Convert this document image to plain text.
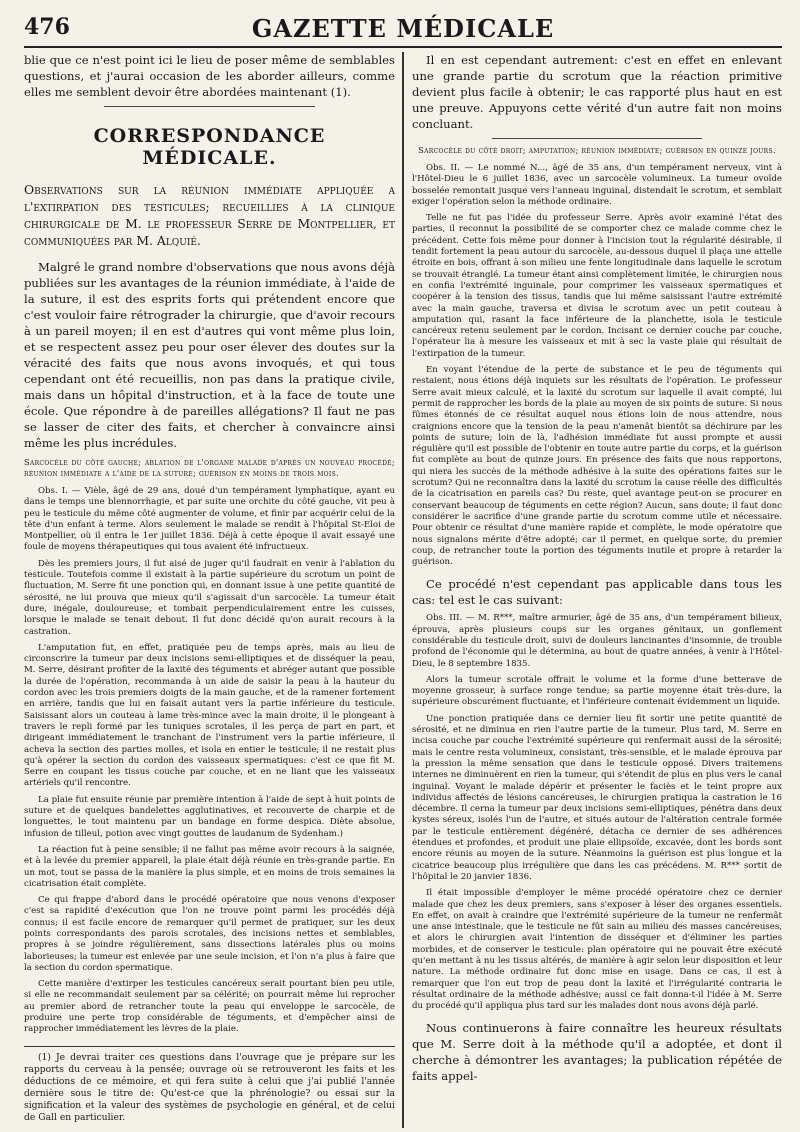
476	GAZETTE MÉDICALE

blie que ce n'est point ici le lieu de poser même de semblables questions, et j'aurai occasion de les aborder ailleurs, comme elles me semblent devoir être abordées maintenant (1).

CORRESPONDANCE MÉDICALE.
Observations sur la réunion immédiate appliquée a l'extirpation des testicules; recueillies à la clinique chirurgicale de M. le professeur Serre de Montpellier, et communiquées par M. Alquié.

Malgré le grand nombre d'observations que nous avons déjà publiées sur les avantages de la réunion immédiate, à l'aide de la suture, il est des esprits forts qui prétendent encore que c'est vouloir faire rétrograder la chirurgie, que d'avoir recours à un pareil moyen; il en est d'autres qui vont même plus loin, et se respectent assez peu pour oser élever des doutes sur la véracité des faits que nous avons invoqués, et qui tous cependant ont été recueillis, non pas dans la pratique civile, mais dans un hôpital d'instruction, et à la face de toute une école. Que répondre à de pareilles allégations? Il faut ne pas se lasser de citer des faits, et chercher à convaincre ainsi même les plus incrédules.

Sarcocèle du côté gauche; ablation de l'organe malade d'après un nouveau procédé; réunion immédiate a l'aide de la suture; guérison en moins de trois mois.

Obs. I. — Vièle, âgé de 29 ans, doué d'un tempérament lymphatique, ayant eu dans le temps une blennorrhagie, et par suite une orchite du côté gauche, vit peu à peu le testicule du même côté augmenter de volume, et finir par acquérir celui de la tête d'un enfant à terme. Alors seulement le malade se rendit à l'hôpital St-Eloi de Montpellier, où il entra le 1er juillet 1836. Déjà à cette époque il avait essayé une foule de moyens thérapeutiques qui tous avaient été infructueux.

Dès les premiers jours, il fut aisé de juger qu'il faudrait en venir à l'ablation du testicule. Toutefois comme il existait à la partie supérieure du scrotum un point de fluctuation, M. Serre fit une ponction qui, en donnant issue à une petite quantité de sérosité, ne lui prouva que mieux qu'il s'agissait d'un sarcocèle. La tumeur était dure, inégale, douloureuse, et tombait perpendiculairement entre les cuisses, lorsque le malade se tenait debout. Il fut donc décidé qu'on aurait recours à la castration.

L'amputation fut, en effet, pratiquée peu de temps après, mais au lieu de circonscrire la tumeur par deux incisions semi-elliptiques et de disséquer la peau, M. Serre, désirant profiter de la laxité des téguments et abréger autant que possible la durée de l'opération, recommanda à un aide de saisir la peau à la hauteur du cordon avec les trois premiers doigts de la main gauche, et de la ramener fortement en arrière, tandis que lui en faisait autant vers la partie inférieure du testicule. Saisissant alors un couteau à lame très-mince avec la main droite, il le plongeant à travers le repli formé par les tuniques scrotales, il les perça de part en part, et dirigeant immédiatement le tranchant de l'instrument vers la partie inférieure, il acheva la section des parties molles, et isola en entier le testicule; il ne restait plus qu'à opérer la section du cordon des vaisseaux spermatiques: c'est ce que fit M. Serre en coupant les tissus couche par couche, et en ne liant que les vaisseaux artériels qu'il rencontre.

La plaie fut ensuite réunie par première intention à l'aide de sept à huit points de suture et de quelques bandelettes agglutinatives, et recouverte de charpie et de longuettes, le tout maintenu par un bandage en forme despica. Diète absolue, infusion de tilleul, potion avec vingt gouttes de laudanum de Sydenham.)

La réaction fut à peine sensible; il ne fallut pas même avoir recours à la saignée, et à la levée du premier appareil, la plaie était déjà réunie en très-grande partie. En un mot, tout se passa de la manière la plus simple, et en moins de trois semaines la cicatrisation était complète.

Ce qui frappe d'abord dans le procédé opératoire que nous venons d'exposer c'est sa rapidité d'exécution que l'on ne trouve point parmi les procédés déjà connus; il est facile encore de remarquer qu'il permet de pratiquer, sur les deux points correspondants des parois scrotales, des incisions nettes et semblables, propres à se joindre régulièrement, sans dissections latérales plus ou moins laborieuses; la tumeur est enlevée par une seule incision, et l'on n'a plus à faire que la section du cordon spermatique.

Cette manière d'extirper les testicules cancéreux serait pourtant bien peu utile, si elle ne recommandait seulement par sa célérité; on pourrait même lui reprocher au premier abord de retrancher toute la peau qui enveloppe le sarcocèle, de produire une perte trop considérable de téguments, et d'empêcher ainsi de rapprocher immédiatement les lèvres de la plaie.

(1) Je devrai traiter ces questions dans l'ouvrage que je prépare sur les rapports du cerveau à la pensée; ouvrage où se retrouveront les faits et les déductions de ce mémoire, et qui fera suite à celui que j'ai publié l'année dernière sous le titre de: Qu'est-ce que la phrénologie? ou essai sur la signification et la valeur des systèmes de psychologie en général, et de celui de Gall en particulier.

Il en est cependant autrement: c'est en effet en enlevant une grande partie du scrotum que la réaction primitive devient plus facile à obtenir; le cas rapporté plus haut en est une preuve. Appuyons cette vérité d'un autre fait non moins concluant.

Sarcocèle du côté droit; amputation; réunion immédiate; guérison en quinze jours.

Obs. II. — Le nommé N..., âgé de 35 ans, d'un tempérament nerveux, vint à l'Hôtel-Dieu le 6 juillet 1836, avec un sarcocèle volumineux. La tumeur ovoïde bosselée remontait jusque vers l'anneau inguinal, distendait le scrotum, et semblait exiger l'opération selon la méthode ordinaire.

Telle ne fut pas l'idée du professeur Serre. Après avoir examiné l'état des parties, il reconnut la possibilité de se comporter chez ce malade comme chez le précédent. Cette fois même pour donner à l'incision tout la régularité désirable, il tendit fortement la peau autour du sarcocèle, au-dessous duquel il plaça une attelle étroite en bois, offrant à son milieu une fente longitudinale dans laquelle le scrotum se trouvait étranglé. La tumeur étant ainsi complètement limitée, le chirurgien nous en confia l'extrémité inguinale, pour comprimer les vaisseaux spermatiques et coopérer à la tension des tissus, tandis que lui même saisissant l'autre extrémité avec la main gauche, traversa et divisa le scrotum avec un petit couteau à amputation qui, rasant la face inférieure de la planchette, isola le testicule cancéreux retenu seulement par le cordon. Incisant ce dernier couche par couche, l'opérateur lia à mesure les vaisseaux et mit à sec la vaste plaie qui résultait de l'extirpation de la tumeur.

En voyant l'étendue de la perte de substance et le peu de téguments qui restaient, nous étions déjà inquiets sur les résultats de l'opération. Le professeur Serre avait mieux calculé, et la laxité du scrotum sur laquelle il avait compté, lui permit de rapprocher les bords de la plaie au moyen de six points de suture. Si nous fûmes étonnés de ce résultat auquel nous étions loin de nous attendre, nous craignions encore que la tension de la peau n'amenât bientôt sa déchirure par les points de suture; loin de là, l'adhésion immédiate fut aussi prompte et aussi régulière qu'il est possible de l'obtenir en toute autre partie du corps, et la guérison fut complète au bout de quinze jours. En présence des faits que nous rapportons, qui niera les succès de la méthode adhésive à la suite des opérations faites sur le scrotum? Qui ne reconnaîtra dans la laxité du scrotum la cause réelle des difficultés de la cicatrisation en pareils cas? Du reste, quel avantage peut-on se procurer en conservant beaucoup de téguments en cette région? Aucun, sans doute; il faut donc considérer le sacrifice d'une grande partie du scrotum comme utile et nécessaire. Pour obtenir ce résultat d'une manière rapide et complète, le mode opératoire que nous signalons mérite d'être adopté; car il permet, en quelque sorte, du premier coup, de retrancher toute la portion des téguments inutile et propre à retarder la guérison.

Ce procédé n'est cependant pas applicable dans tous les cas: tel est le cas suivant:

Obs. III. — M. R***, maître armurier, âgé de 35 ans, d'un tempérament bilieux, éprouva, après plusieurs coups sur les organes génitaux, un gonflement considérable du testicule droit, suivi de douleurs lancinantes d'insomnie, de trouble profond de l'économie qui le détermina, au bout de quatre années, à venir à l'Hôtel-Dieu, le 8 septembre 1835.

Alors la tumeur scrotale offrait le volume et la forme d'une betterave de moyenne grosseur, à surface ronge tendue; sa partie moyenne était très-dure, la supérieure obscurément fluctuante, et l'inférieure contenait évidemment un liquide.

Une ponction pratiquée dans ce dernier lieu fit sortir une petite quantité de sérosité, et ne diminua en rien l'autre partie de la tumeur. Plus tard, M. Serre en incisa couche par couche l'extrémité supérieure qui renfermait aussi de la sérosité; mais le centre resta volumineux, consistant, très-sensible, et le malade éprouva par la pression la même sensation que dans le testicule opposé. Divers traitemens internes ne diminuèrent en rien la tumeur, qui s'étendit de plus en plus vers le canal inguinal. Voyant le malade dépérir et présenter le faciès et le teint propre aux individus affectés de lésions cancéreuses, le chirurgien pratiqua la castration le 16 décembre. Il cerna la tumeur par deux incisions semi-elliptiques, pénétra dans deux kystes séreux, isolés l'un de l'autre, et situés autour de l'altération centrale formée par le testicule entièrement dégénéré, détacha ce dernier de ses adhérences étendues et profondes, et produit une plaie ellipsoïde, excavée, dont les bords sont encore réunis au moyen de la suture. Néanmoins la guérison est plus longue et la cicatrice beaucoup plus irrégulière que dans les cas précédens. M. R*** sortit de l'hôpital le 20 janvier 1836.

Il était impossible d'employer le même procédé opératoire chez ce dernier malade que chez les deux premiers, sans s'exposer à léser des organes essentiels. En effet, on avait à craindre que l'extrémité supérieure de la tumeur ne renfermât une anse intestinale, que le testicule ne fût sain au milieu des masses cancéreuses, et alors le chirurgien avait l'intention de disséquer et d'éliminer les parties morbides, et de conserver le testicule: plan opératoire qui ne pouvait être exécuté qu'en mettant à nu les tissus altérés, de manière à agir selon leur disposition et leur nature. La méthode ordinaire fut donc mise en usage. Dans ce cas, il est à remarquer que l'on eut trop de peau dont la laxité et l'irrégularité contraria le résultat ordinaire de la méthode adhésive; aussi ce fait donna-t-il l'idée à M. Serre du procédé qu'il appliqua plus tard sur les malades dont nous avons déjà parlé.

Nous continuerons à faire connaître les heureux résultats que M. Serre doit à la méthode qu'il a adoptée, et dont il cherche à démontrer les avantages; la publication répétée de faits appel-
